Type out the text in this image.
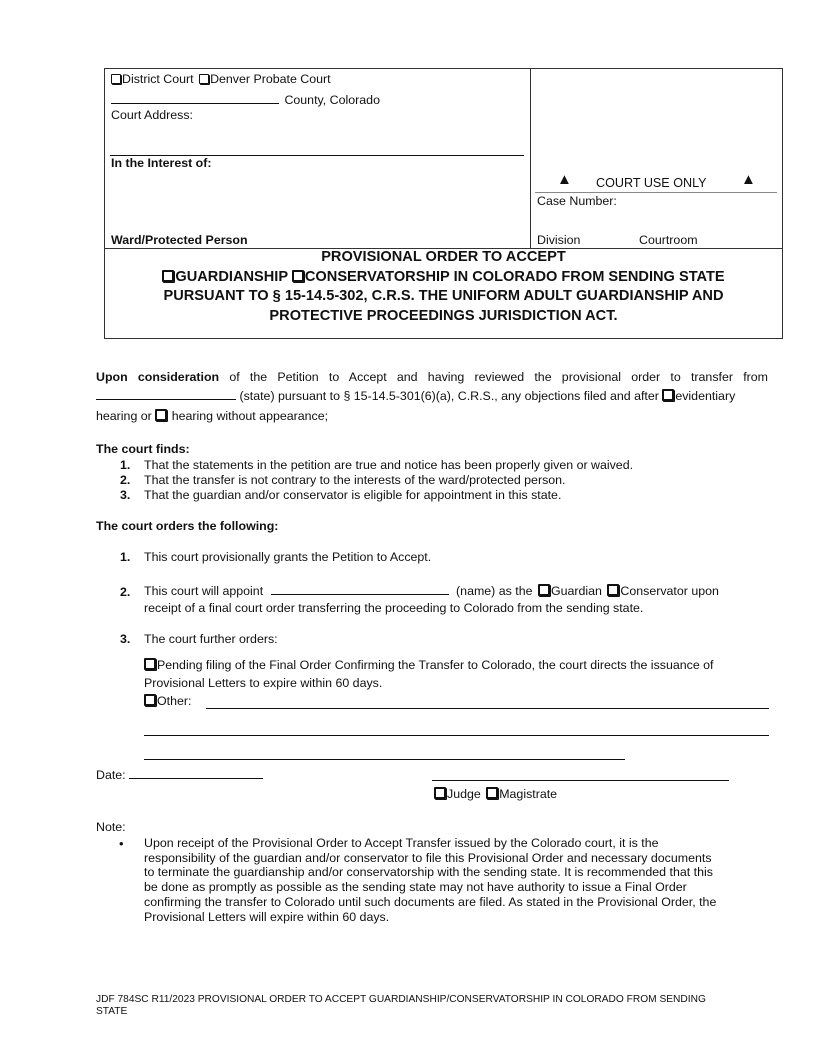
District Court Denver Probate Court
County, Colorado
Court Address:
In the Interest of:
Ward/Protected Person
▲ COURT USE ONLY ▲
Case Number:
Division	Courtroom
PROVISIONAL ORDER TO ACCEPT
GUARDIANSHIP CONSERVATORSHIP IN COLORADO FROM SENDING STATE
PURSUANT TO § 15-14.5-302, C.R.S. THE UNIFORM ADULT GUARDIANSHIP AND
PROTECTIVE PROCEEDINGS JURISDICTION ACT.
Upon consideration of the Petition to Accept and having reviewed the provisional order to transfer from
(state) pursuant to § 15-14.5-301(6)(a), C.R.S., any objections filed and after evidentiary
hearing or hearing without appearance;
The court finds:
1. That the statements in the petition are true and notice has been properly given or waived.
2. That the transfer is not contrary to the interests of the ward/protected person.
3. That the guardian and/or conservator is eligible for appointment in this state.
The court orders the following:
1. This court provisionally grants the Petition to Accept.
2. This court will appoint	(name) as the Guardian Conservator upon
receipt of a final court order transferring the proceeding to Colorado from the sending state.
3. The court further orders:
Pending filing of the Final Order Confirming the Transfer to Colorado, the court directs the issuance of
Provisional Letters to expire within 60 days.
Other:
Date:
Judge Magistrate
Note:
• Upon receipt of the Provisional Order to Accept Transfer issued by the Colorado court, it is the
responsibility of the guardian and/or conservator to file this Provisional Order and necessary documents
to terminate the guardianship and/or conservatorship with the sending state. It is recommended that this
be done as promptly as possible as the sending state may not have authority to issue a Final Order
confirming the transfer to Colorado until such documents are filed. As stated in the Provisional Order, the
Provisional Letters will expire within 60 days.
JDF 784SC R11/2023 PROVISIONAL ORDER TO ACCEPT GUARDIANSHIP/CONSERVATORSHIP IN COLORADO FROM SENDING
STATE
